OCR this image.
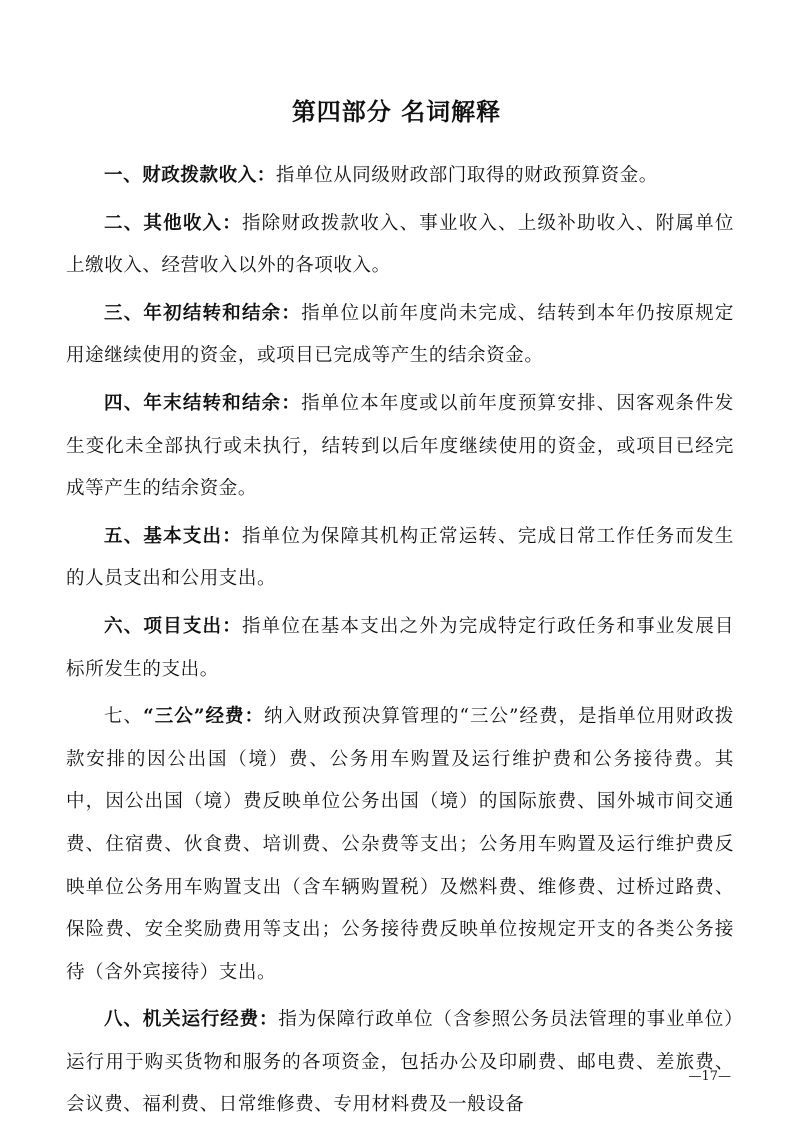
第四部分 名词解释

一、财政拨款收入：指单位从同级财政部门取得的财政预算资金。

二、其他收入：指除财政拨款收入、事业收入、上级补助收入、附属单位上缴收入、经营收入以外的各项收入。

三、年初结转和结余：指单位以前年度尚未完成、结转到本年仍按原规定用途继续使用的资金，或项目已完成等产生的结余资金。

四、年末结转和结余：指单位本年度或以前年度预算安排、因客观条件发生变化未全部执行或未执行，结转到以后年度继续使用的资金，或项目已经完成等产生的结余资金。

五、基本支出：指单位为保障其机构正常运转、完成日常工作任务而发生的人员支出和公用支出。

六、项目支出：指单位在基本支出之外为完成特定行政任务和事业发展目标所发生的支出。

七、“三公”经费：纳入财政预决算管理的“三公”经费，是指单位用财政拨款安排的因公出国（境）费、公务用车购置及运行维护费和公务接待费。其中，因公出国（境）费反映单位公务出国（境）的国际旅费、国外城市间交通费、住宿费、伙食费、培训费、公杂费等支出；公务用车购置及运行维护费反映单位公务用车购置支出（含车辆购置税）及燃料费、维修费、过桥过路费、保险费、安全奖励费用等支出；公务接待费反映单位按规定开支的各类公务接待（含外宾接待）支出。

八、机关运行经费：指为保障行政单位（含参照公务员法管理的事业单位）运行用于购买货物和服务的各项资金，包括办公及印刷费、邮电费、差旅费、会议费、福利费、日常维修费、专用材料费及一般设备

—17—
